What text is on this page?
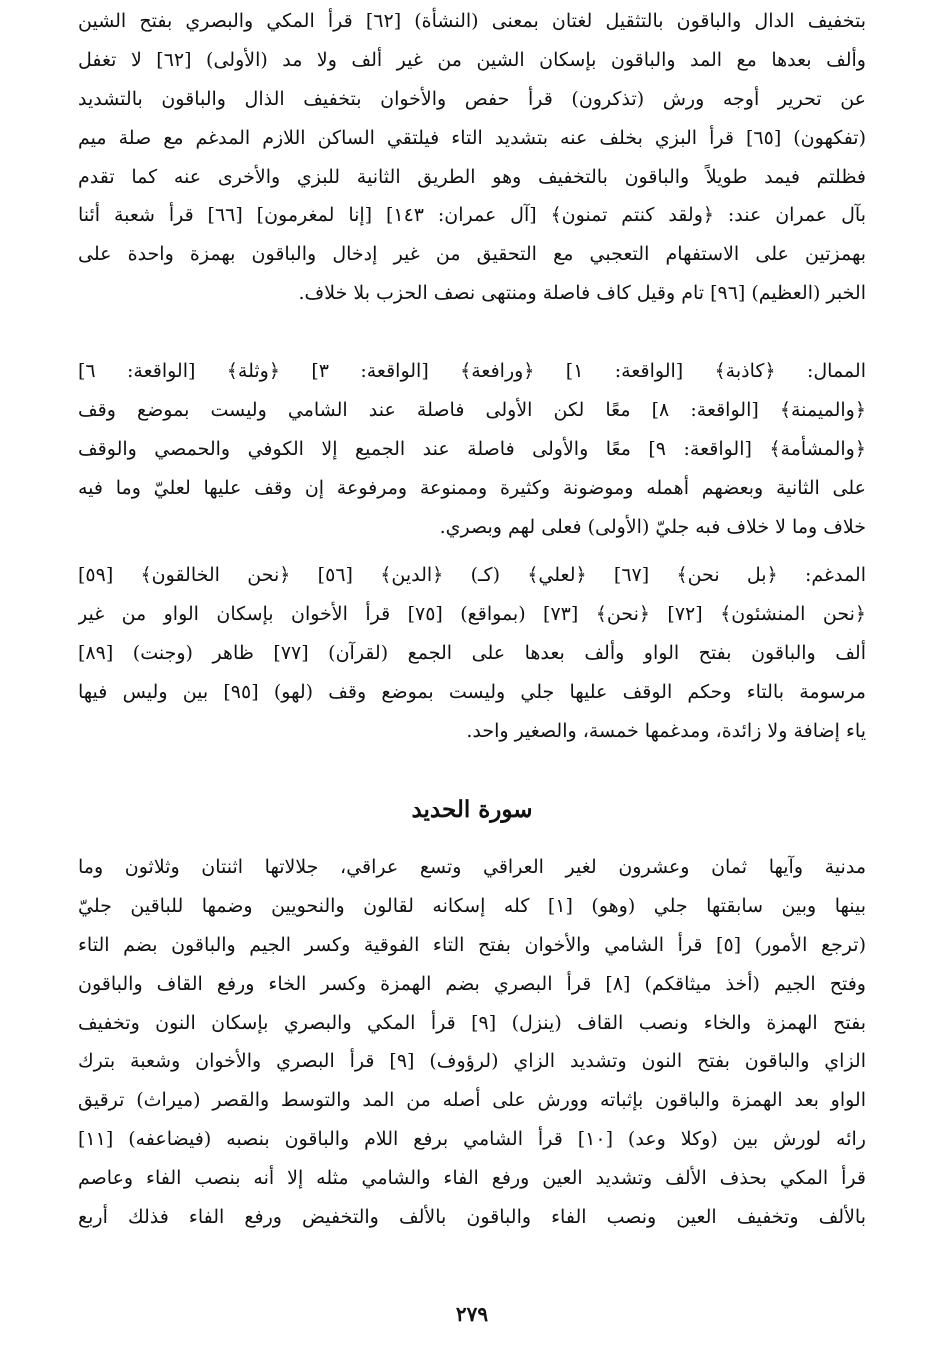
بتخفيف الدال والباقون بالتثقيل لغتان بمعنى (النشأة) [٦٢] قرأ المكي والبصري بفتح الشين
وألف بعدها مع المد والباقون بإسكان الشين من غير ألف ولا مد (الأولى) [٦٢] لا تغفل
عن تحرير أوجه ورش (تذكرون) قرأ حفص والأخوان بتخفيف الذال والباقون بالتشديد
(تفكهون) [٦٥] قرأ البزي بخلف عنه بتشديد التاء فيلتقي الساكن اللازم المدغم مع صلة ميم
فظلتم فيمد طويلاً والباقون بالتخفيف وهو الطريق الثانية للبزي والأخرى عنه كما تقدم
بآل عمران عند: ﴿ولقد كنتم تمنون﴾ [آل عمران: ١٤٣] [إنا لمغرمون] [٦٦] قرأ شعبة أئنا
بهمزتين على الاستفهام التعجبي مع التحقيق من غير إدخال والباقون بهمزة واحدة على
الخبر (العظيم) [٩٦] تام وقيل كاف فاصلة ومنتهى نصف الحزب بلا خلاف.
الممال: ﴿كاذبة﴾ [الواقعة: ١] ﴿ورافعة﴾ [الواقعة: ٣] ﴿وثلة﴾ [الواقعة: ٦]
﴿والميمنة﴾ [الواقعة: ٨] معًا لكن الأولى فاصلة عند الشامي وليست بموضع وقف
﴿والمشأمة﴾ [الواقعة: ٩] معًا والأولى فاصلة عند الجميع إلا الكوفي والحمصي والوقف
على الثانية وبعضهم أهمله وموضونة وكثيرة وممنوعة ومرفوعة إن وقف عليها لعليّ وما فيه
خلاف وما لا خلاف فبه جليّ (الأولى) فعلى لهم وبصري.
المدغم: ﴿بل نحن﴾ [٦٧] ﴿لعلي﴾ (كـ) ﴿الدين﴾ [٥٦] ﴿نحن الخالقون﴾ [٥٩]
﴿نحن المنشئون﴾ [٧٢] ﴿نحن﴾ [٧٣] (بمواقع) [٧٥] قرأ الأخوان بإسكان الواو من غير
ألف والباقون بفتح الواو وألف بعدها على الجمع (لقرآن) [٧٧] ظاهر (وجنت) [٨٩]
مرسومة بالتاء وحكم الوقف عليها جلي وليست بموضع وقف (لهو) [٩٥] بين وليس فيها
ياء إضافة ولا زائدة، ومدغمها خمسة، والصغير واحد.
سورة الحديد
مدنية وآيها ثمان وعشرون لغير العراقي وتسع عراقي، جلالاتها اثنتان وثلاثون وما
بينها وبين سابقتها جلي (وهو) [١] كله إسكانه لقالون والنحويين وضمها للباقين جليّ
(ترجع الأمور) [٥] قرأ الشامي والأخوان بفتح التاء الفوقية وكسر الجيم والباقون بضم التاء
وفتح الجيم (أخذ ميثاقكم) [٨] قرأ البصري بضم الهمزة وكسر الخاء ورفع القاف والباقون
بفتح الهمزة والخاء ونصب القاف (ينزل) [٩] قرأ المكي والبصري بإسكان النون وتخفيف
الزاي والباقون بفتح النون وتشديد الزاي (لرؤوف) [٩] قرأ البصري والأخوان وشعبة بترك
الواو بعد الهمزة والباقون بإثباته وورش على أصله من المد والتوسط والقصر (ميراث) ترقيق
رائه لورش بين (وكلا وعد) [١٠] قرأ الشامي برفع اللام والباقون بنصبه (فيضاعفه) [١١]
قرأ المكي بحذف الألف وتشديد العين ورفع الفاء والشامي مثله إلا أنه بنصب الفاء وعاصم
بالألف وتخفيف العين ونصب الفاء والباقون بالألف والتخفيض ورفع الفاء فذلك أربع
٢٧٩
